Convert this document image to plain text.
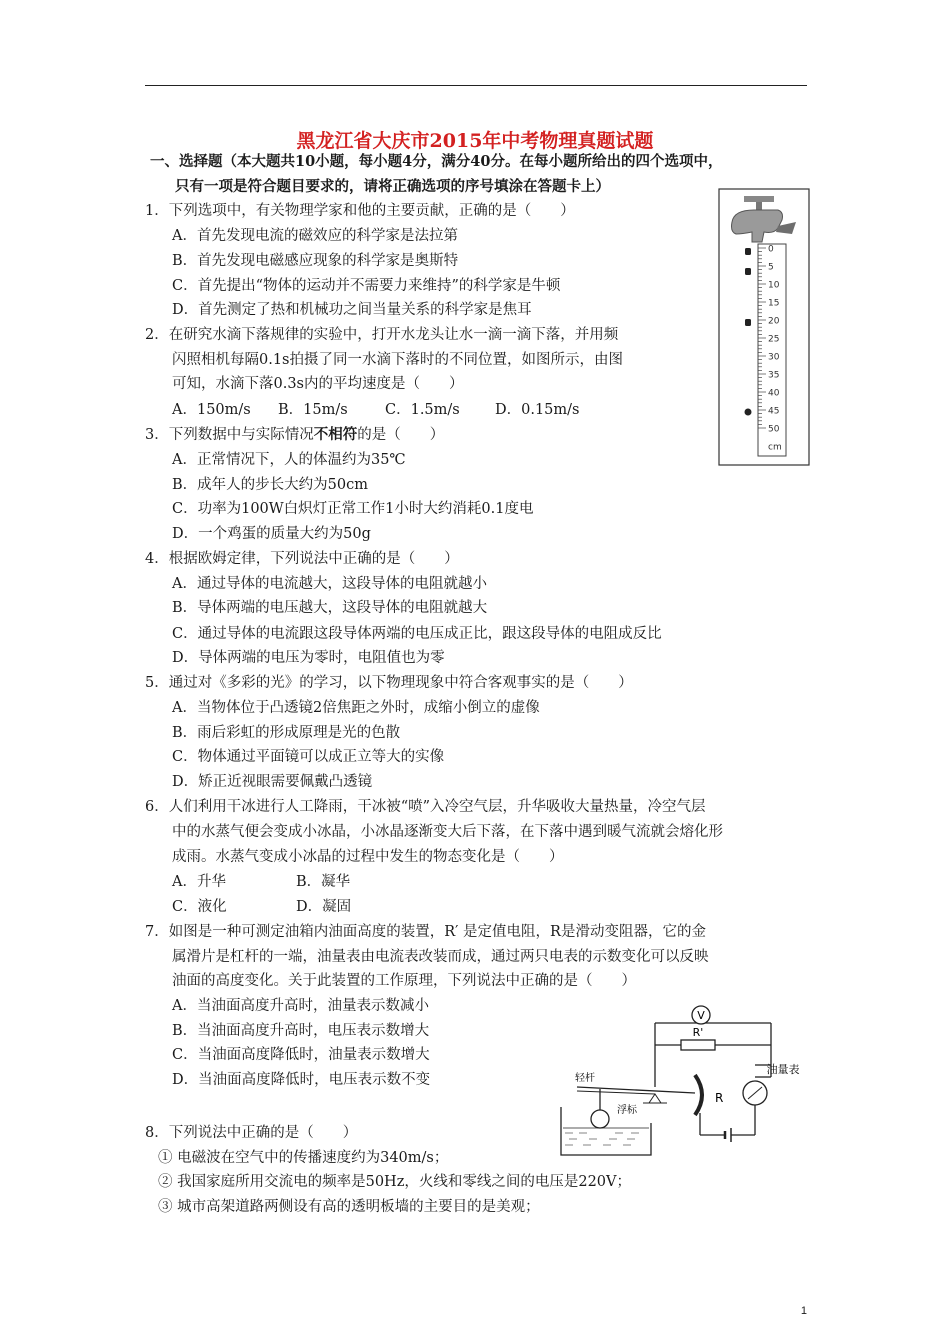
黑龙江省大庆市2015年中考物理真题试题
一、选择题（本大题共10小题，每小题4分，满分40分。在每小题所给出的四个选项中，
只有一项是符合题目要求的，请将正确选项的序号填涂在答题卡上）
1．下列选项中，有关物理学家和他的主要贡献，正确的是（　　）
A．首先发现电流的磁效应的科学家是法拉第
B．首先发现电磁感应现象的科学家是奥斯特
C．首先提出“物体的运动并不需要力来维持”的科学家是牛顿
D．首先测定了热和机械功之间当量关系的科学家是焦耳
2．在研究水滴下落规律的实验中，打开水龙头让水一滴一滴下落，并用频
闪照相机每隔0.1s拍摄了同一水滴下落时的不同位置，如图所示，由图
可知，水滴下落0.3s内的平均速度是（　　）
A．150m/s B．15m/s	C．1.5m/s D．0.15m/s
0
5
10
15
20
25
30
35
40
45
50
cm
3．下列数据中与实际情况不相符的是（　　）
A．正常情况下，人的体温约为35℃
B．成年人的步长大约为50cm
C．功率为100W白炽灯正常工作1小时大约消耗0.1度电
D．一个鸡蛋的质量大约为50g
4．根据欧姆定律，下列说法中正确的是（　　）
A．通过导体的电流越大，这段导体的电阻就越小
B．导体两端的电压越大，这段导体的电阻就越大
C．通过导体的电流跟这段导体两端的电压成正比，跟这段导体的电阻成反比
D．导体两端的电压为零时，电阻值也为零
5．通过对《多彩的光》的学习，以下物理现象中符合客观事实的是（　　）
A．当物体位于凸透镜2倍焦距之外时，成缩小倒立的虚像
B．雨后彩虹的形成原理是光的色散
C．物体通过平面镜可以成正立等大的实像
D．矫正近视眼需要佩戴凸透镜
6．人们利用干冰进行人工降雨，干冰被“喷”入冷空气层，升华吸收大量热量，冷空气层
中的水蒸气便会变成小冰晶，小冰晶逐渐变大后下落，在下落中遇到暖气流就会熔化形
成雨。水蒸气变成小冰晶的过程中发生的物态变化是（　　）
A．升华	B．凝华
C．液化	D．凝固
7．如图是一种可测定油箱内油面高度的装置，R′ 是定值电阻，R是滑动变阻器，它的金
属滑片是杠杆的一端，油量表由电流表改装而成，通过两只电表的示数变化可以反映
油面的高度变化。关于此装置的工作原理，下列说法中正确的是（　　）
A．当油面高度升高时，油量表示数减小
B．当油面高度升高时，电压表示数增大
C．当油面高度降低时，油量表示数增大
D．当油面高度降低时，电压表示数不变
V
R'
油量表
R
轻杆
浮标
8．下列说法中正确的是（　　）
① 电磁波在空气中的传播速度约为340m/s；
② 我国家庭所用交流电的频率是50Hz，火线和零线之间的电压是220V；
③ 城市高架道路两侧设有高的透明板墙的主要目的是美观；
1
